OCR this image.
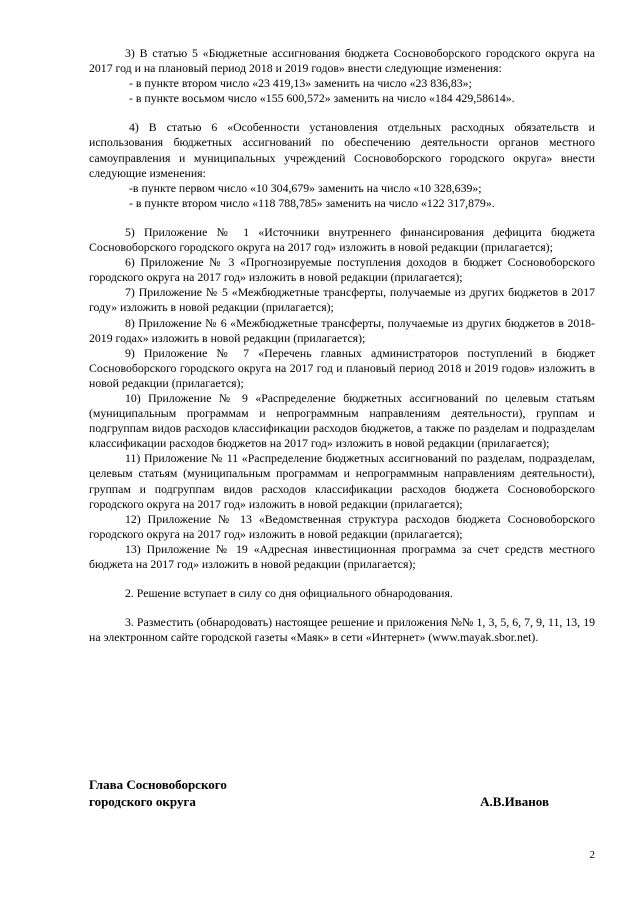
3) В статью 5 «Бюджетные ассигнования бюджета Сосновоборского городского округа на 2017 год и на плановый период 2018 и 2019 годов» внести следующие изменения:

- в пункте втором число «23 419,13» заменить на число «23 836,83»;

- в пункте восьмом число «155 600,572» заменить на число «184 429,58614».

4) В статью 6 «Особенности установления отдельных расходных обязательств и использования бюджетных ассигнований по обеспечению деятельности органов местного самоуправления и муниципальных учреждений Сосновоборского городского округа» внести следующие изменения:

-в пункте первом число «10 304,679» заменить на число «10 328,639»;

- в пункте втором число «118 788,785» заменить на число «122 317,879».

5) Приложение № 1 «Источники внутреннего финансирования дефицита бюджета Сосновоборского городского округа на 2017 год» изложить в новой редакции (прилагается);

6) Приложение № 3 «Прогнозируемые поступления доходов в бюджет Сосновоборского городского округа на 2017 год» изложить в новой редакции (прилагается);

7) Приложение № 5 «Межбюджетные трансферты, получаемые из других бюджетов в 2017 году» изложить в новой редакции (прилагается);

8) Приложение № 6 «Межбюджетные трансферты, получаемые из других бюджетов в 2018-2019 годах» изложить в новой редакции (прилагается);

9) Приложение № 7 «Перечень главных администраторов поступлений в бюджет Сосновоборского городского округа на 2017 год и плановый период 2018 и 2019 годов» изложить в новой редакции (прилагается);

10) Приложение № 9 «Распределение бюджетных ассигнований по целевым статьям (муниципальным программам и непрограммным направлениям деятельности), группам и подгруппам видов расходов классификации расходов бюджетов, а также по разделам и подразделам классификации расходов бюджетов на 2017 год» изложить в новой редакции (прилагается);

11) Приложение № 11 «Распределение бюджетных ассигнований по разделам, подразделам, целевым статьям (муниципальным программам и непрограммным направлениям деятельности), группам и подгруппам видов расходов классификации расходов бюджета Сосновоборского городского округа на 2017 год» изложить в новой редакции (прилагается);

12) Приложение № 13 «Ведомственная структура расходов бюджета Сосновоборского городского округа на 2017 год» изложить в новой редакции (прилагается);

13) Приложение № 19 «Адресная инвестиционная программа за счет средств местного бюджета на 2017 год» изложить в новой редакции (прилагается);

2. Решение вступает в силу со дня официального обнародования.

3. Разместить (обнародовать) настоящее решение и приложения №№ 1, 3, 5, 6, 7, 9, 11, 13, 19 на электронном сайте городской газеты «Маяк» в сети «Интернет» (www.mayak.sbor.net).

Глава Сосновоборского
городского округа	А.В.Иванов
2
